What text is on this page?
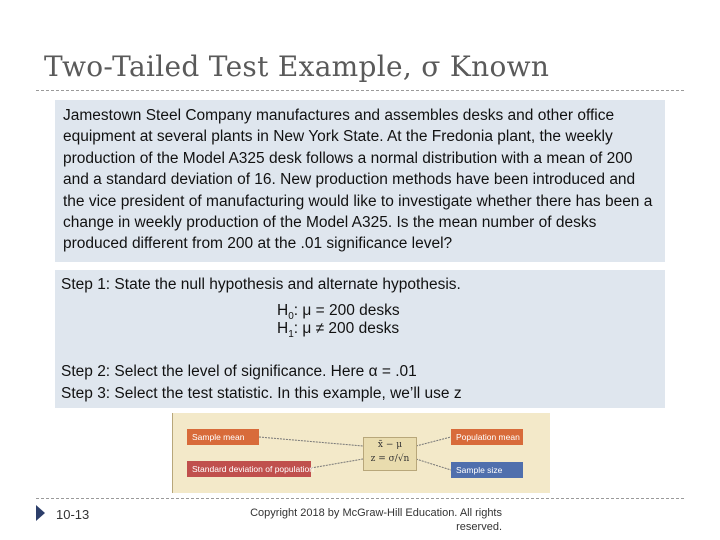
Two-Tailed Test Example, σ Known
Jamestown Steel Company manufactures and assembles desks and other office equipment at several plants in New York State. At the Fredonia plant, the weekly production of the Model A325 desk follows a normal distribution with a mean of 200 and a standard deviation of 16. New production methods have been introduced and the vice president of manufacturing would like to investigate whether there has been a change in weekly production of the Model A325. Is the mean number of desks produced different from 200 at the .01 significance level?
Step 1: State the null hypothesis and alternate hypothesis.
$H_0$: μ = 200 desks
$H_1$: μ ≠ 200 desks
Step 2: Select the level of significance. Here α = .01
Step 3: Select the test statistic. In this example, we’ll use z
Sample mean
Standard deviation of population
Population mean
Sample size
x̄ − μ
z = σ/√n
10-13	Copyright 2018 by McGraw-Hill Education. All rights reserved.
